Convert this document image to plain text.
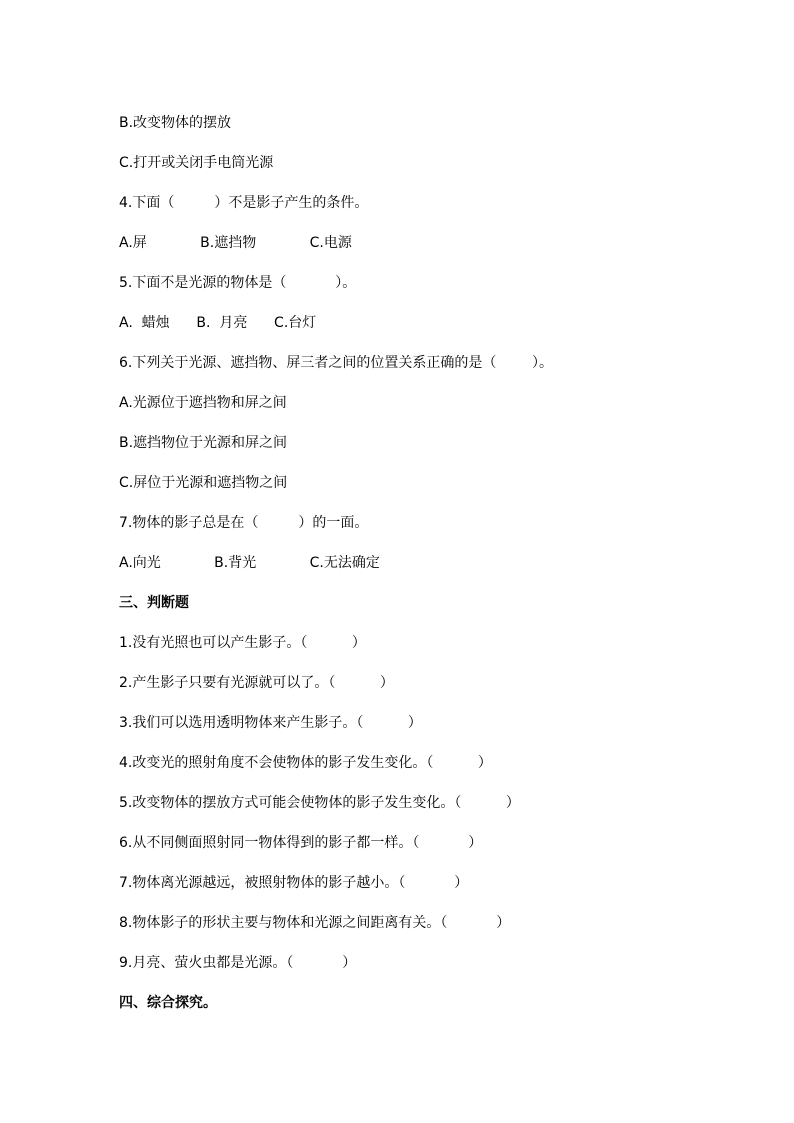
B.改变物体的摆放
C.打开或关闭手电筒光源
4.下面（         ）不是影子产生的条件。
A.屏            B.遮挡物            C.电源
5.下面不是光源的物体是（           ）。
A.  蜡烛      B.  月亮      C.台灯
6.下列关于光源、遮挡物、屏三者之间的位置关系正确的是（        ）。
A.光源位于遮挡物和屏之间
B.遮挡物位于光源和屏之间
C.屏位于光源和遮挡物之间
7.物体的影子总是在（         ）的一面。
A.向光            B.背光            C.无法确定
三、判断题
1.没有光照也可以产生影子。（          ）
2.产生影子只要有光源就可以了。（          ）
3.我们可以选用透明物体来产生影子。（          ）
4.改变光的照射角度不会使物体的影子发生变化。（          ）
5.改变物体的摆放方式可能会使物体的影子发生变化。（          ）
6.从不同侧面照射同一物体得到的影子都一样。（           ）
7.物体离光源越远，被照射物体的影子越小。（           ）
8.物体影子的形状主要与物体和光源之间距离有关。（           ）
9.月亮、萤火虫都是光源。（           ）
四、综合探究。
